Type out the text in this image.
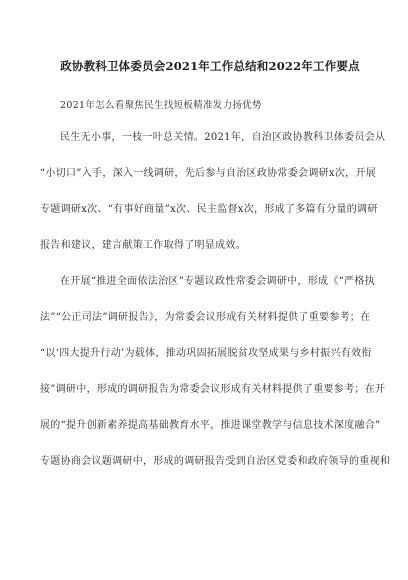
政协教科卫体委员会2021年工作总结和2022年工作要点
2021年怎么看聚焦民生找短板精准发力扬优势
民生无小事，一枝一叶总关情。2021年，自治区政协教科卫体委员会从
“小切口”入手，深入一线调研，先后参与自治区政协常委会调研x次，开展
专题调研x次、“有事好商量”x次、民主监督x次，形成了多篇有分量的调研
报告和建议，建言献策工作取得了明显成效。
在开展“推进全面依法治区”专题议政性常委会调研中，形成《“严格执
法”“公正司法”调研报告》，为常委会议形成有关材料提供了重要参考；在
“以‘四大提升行动’为载体，推动巩固拓展脱贫攻坚成果与乡村振兴有效衔
接”调研中，形成的调研报告为常委会议形成有关材料提供了重要参考；在开
展的“提升创新素养提高基础教育水平，推进课堂教学与信息技术深度融合”
专题协商会议题调研中，形成的调研报告受到自治区党委和政府领导的重视和
